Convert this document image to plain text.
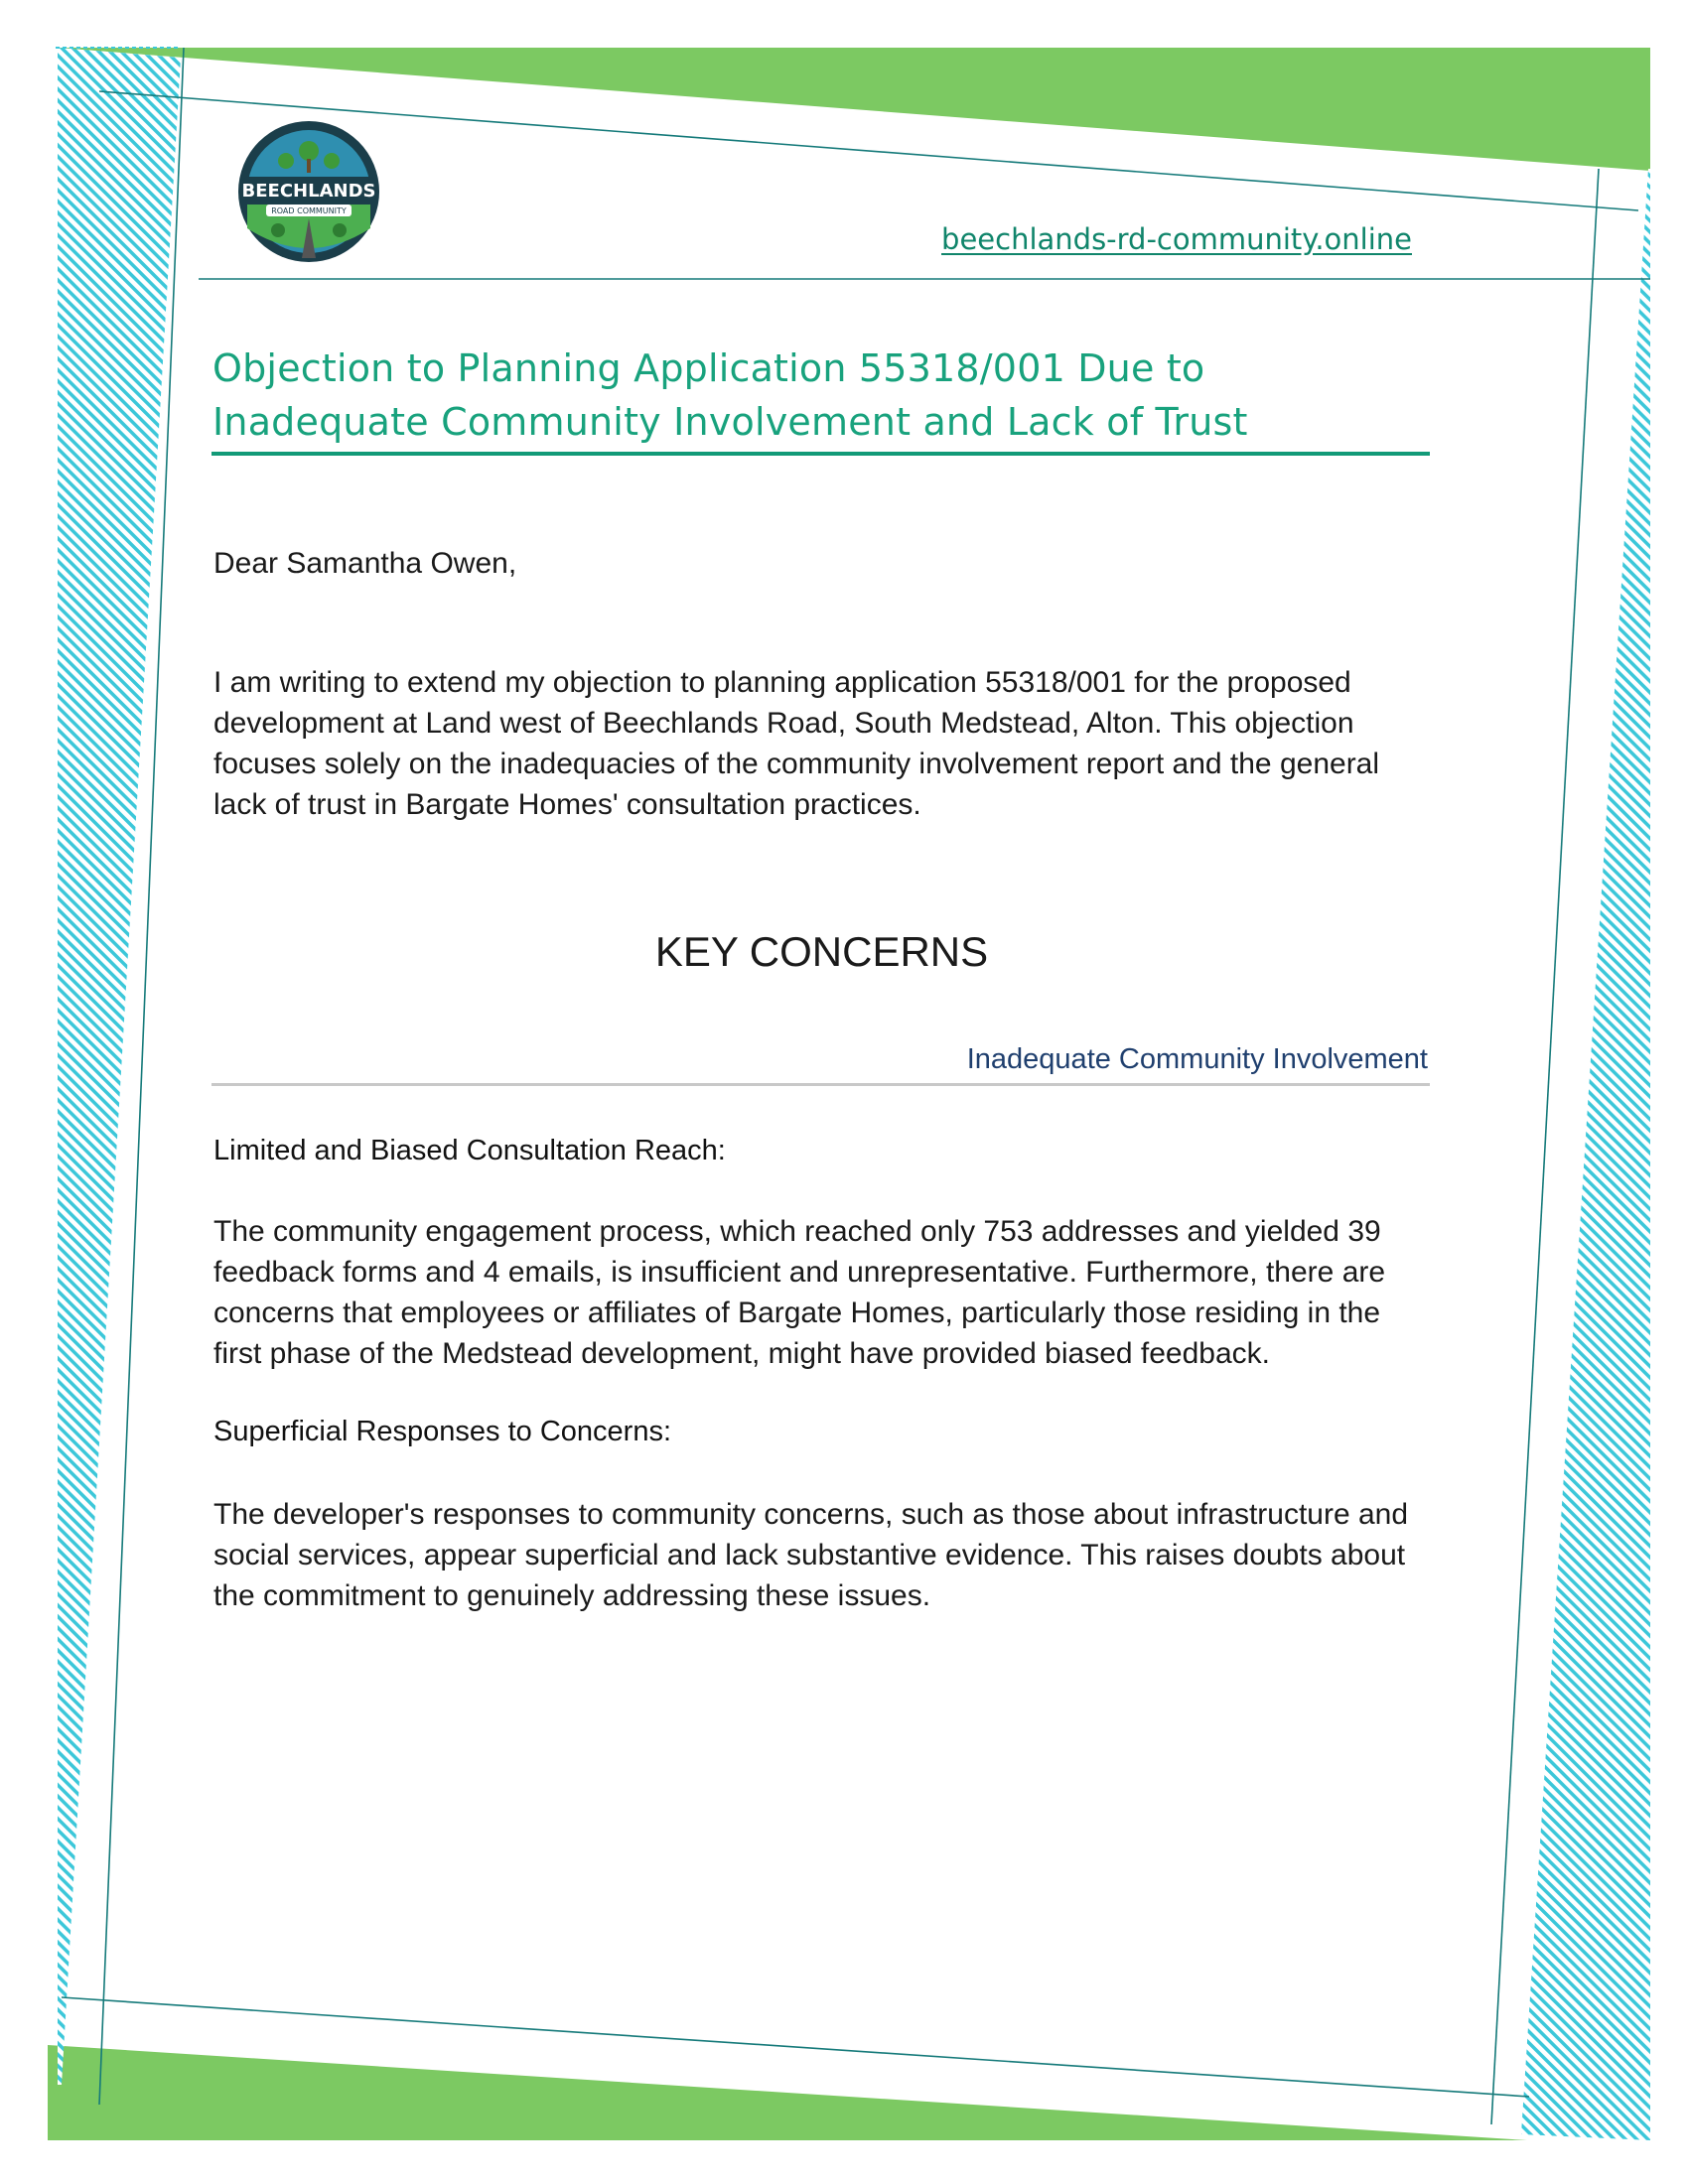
BEECHLANDS
ROAD COMMUNITY
beechlands-rd-community.online
Objection to Planning Application 55318/001 Due to Inadequate Community Involvement and Lack of Trust

Dear Samantha Owen,

I am writing to extend my objection to planning application 55318/001 for the proposed development at Land west of Beechlands Road, South Medstead, Alton. This objection focuses solely on the inadequacies of the community involvement report and the general lack of trust in Bargate Homes' consultation practices.

KEY CONCERNS
Inadequate Community Involvement
Limited and Biased Consultation Reach:

The community engagement process, which reached only 753 addresses and yielded 39 feedback forms and 4 emails, is insufficient and unrepresentative. Furthermore, there are concerns that employees or affiliates of Bargate Homes, particularly those residing in the first phase of the Medstead development, might have provided biased feedback.

Superficial Responses to Concerns:

The developer's responses to community concerns, such as those about infrastructure and social services, appear superficial and lack substantive evidence. This raises doubts about the commitment to genuinely addressing these issues.
